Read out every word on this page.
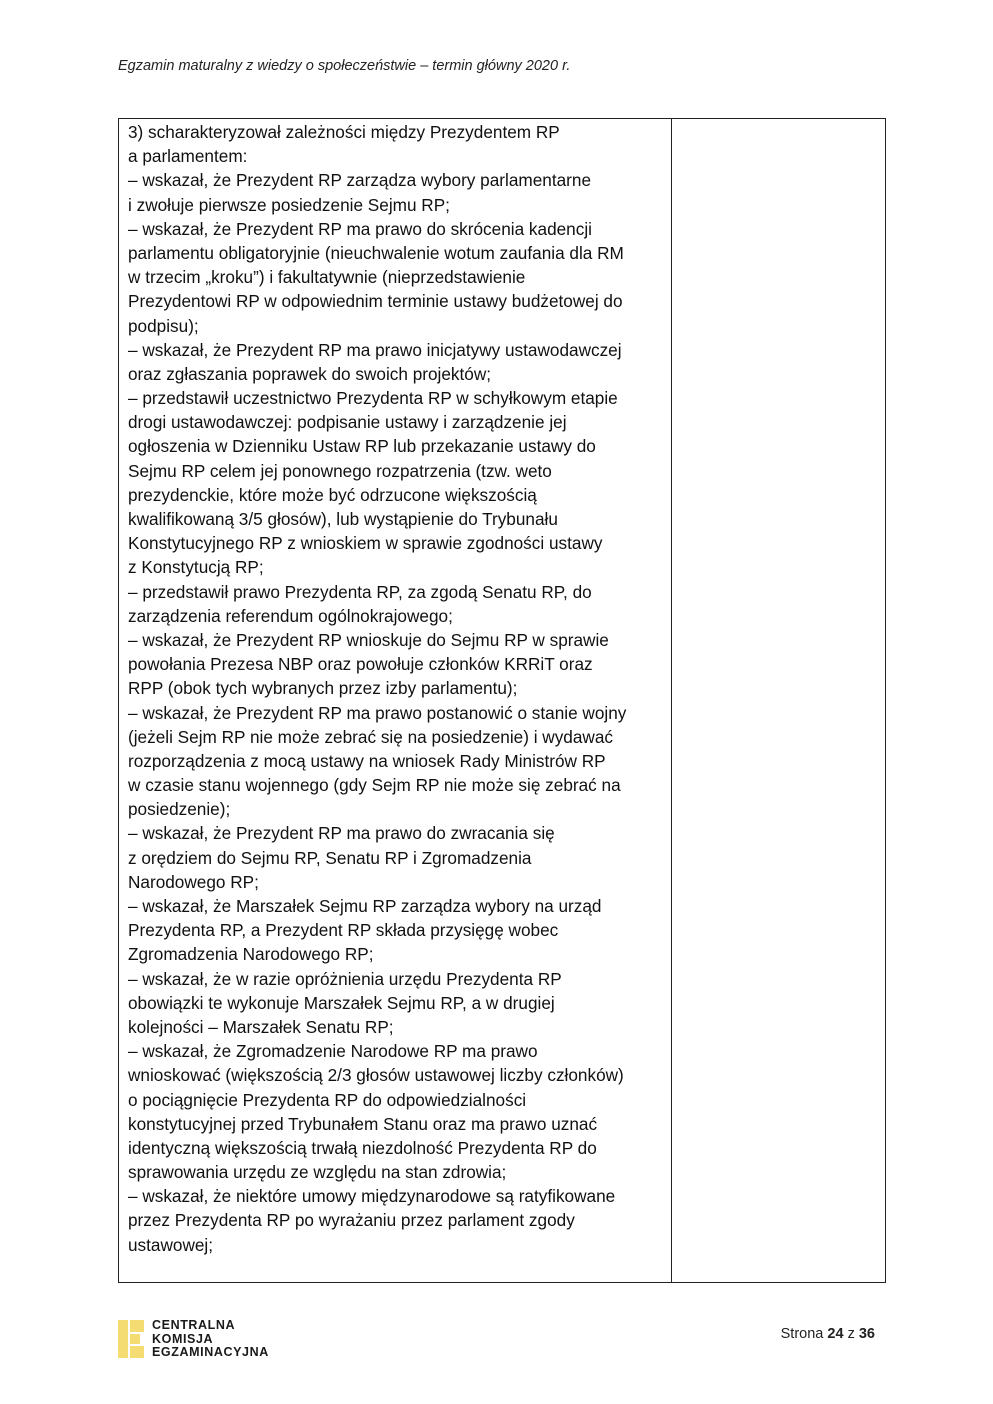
Egzamin maturalny z wiedzy o społeczeństwie – termin główny 2020 r.
3) scharakteryzował zależności między Prezydentem RP
a parlamentem:
– wskazał, że Prezydent RP zarządza wybory parlamentarne
i zwołuje pierwsze posiedzenie Sejmu RP;
– wskazał, że Prezydent RP ma prawo do skrócenia kadencji
parlamentu obligatoryjnie (nieuchwalenie wotum zaufania dla RM
w trzecim „kroku”) i fakultatywnie (nieprzedstawienie
Prezydentowi RP w odpowiednim terminie ustawy budżetowej do
podpisu);
– wskazał, że Prezydent RP ma prawo inicjatywy ustawodawczej
oraz zgłaszania poprawek do swoich projektów;
– przedstawił uczestnictwo Prezydenta RP w schyłkowym etapie
drogi ustawodawczej: podpisanie ustawy i zarządzenie jej
ogłoszenia w Dzienniku Ustaw RP lub przekazanie ustawy do
Sejmu RP celem jej ponownego rozpatrzenia (tzw. weto
prezydenckie, które może być odrzucone większością
kwalifikowaną 3/5 głosów), lub wystąpienie do Trybunału
Konstytucyjnego RP z wnioskiem w sprawie zgodności ustawy
z Konstytucją RP;
– przedstawił prawo Prezydenta RP, za zgodą Senatu RP, do
zarządzenia referendum ogólnokrajowego;
– wskazał, że Prezydent RP wnioskuje do Sejmu RP w sprawie
powołania Prezesa NBP oraz powołuje członków KRRiT oraz
RPP (obok tych wybranych przez izby parlamentu);
– wskazał, że Prezydent RP ma prawo postanowić o stanie wojny
(jeżeli Sejm RP nie może zebrać się na posiedzenie) i wydawać
rozporządzenia z mocą ustawy na wniosek Rady Ministrów RP
w czasie stanu wojennego (gdy Sejm RP nie może się zebrać na
posiedzenie);
– wskazał, że Prezydent RP ma prawo do zwracania się
z orędziem do Sejmu RP, Senatu RP i Zgromadzenia
Narodowego RP;
– wskazał, że Marszałek Sejmu RP zarządza wybory na urząd
Prezydenta RP, a Prezydent RP składa przysięgę wobec
Zgromadzenia Narodowego RP;
– wskazał, że w razie opróżnienia urzędu Prezydenta RP
obowiązki te wykonuje Marszałek Sejmu RP, a w drugiej
kolejności – Marszałek Senatu RP;
– wskazał, że Zgromadzenie Narodowe RP ma prawo
wnioskować (większością 2/3 głosów ustawowej liczby członków)
o pociągnięcie Prezydenta RP do odpowiedzialności
konstytucyjnej przed Trybunałem Stanu oraz ma prawo uznać
identyczną większością trwałą niezdolność Prezydenta RP do
sprawowania urzędu ze względu na stan zdrowia;
– wskazał, że niektóre umowy międzynarodowe są ratyfikowane
przez Prezydenta RP po wyrażaniu przez parlament zgody
ustawowej;
CENTRALNA
KOMISJA
EGZAMINACYJNA
Strona 24 z 36
